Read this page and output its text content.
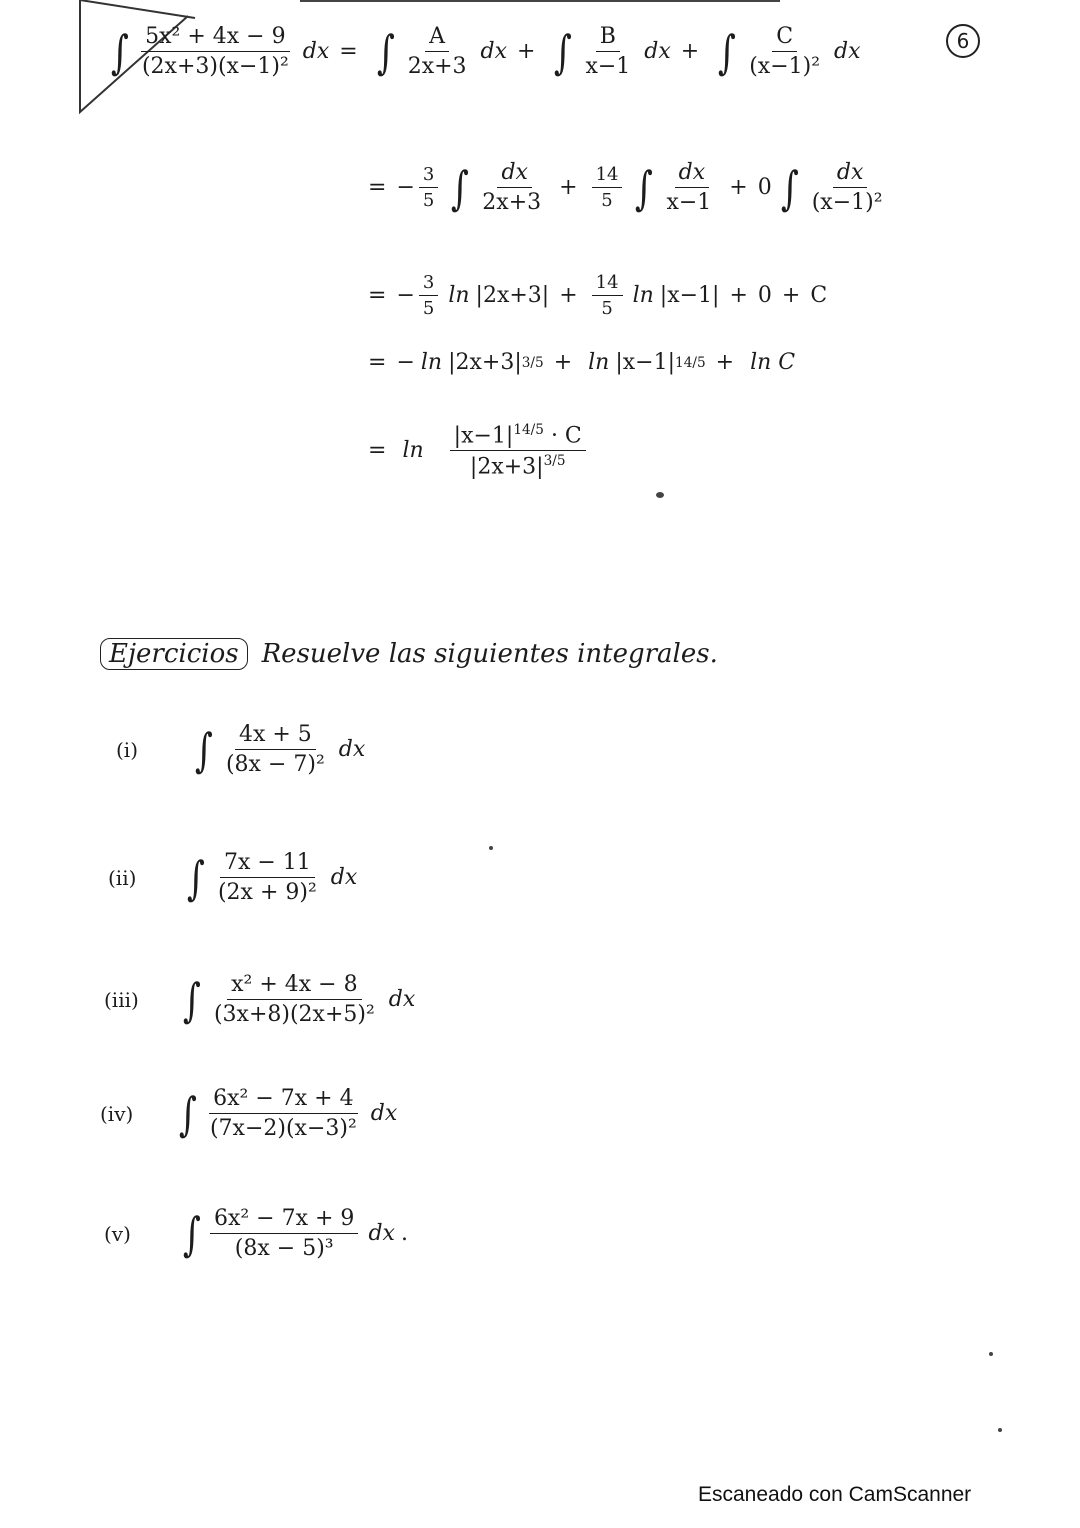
6
∫ $\frac{\text{5x² + 4x − 9}}{\text{(2x+3)(x−1)²}}$ dx = ∫ $\frac{A}{2x+3}$ dx + ∫ $\frac{B}{x-1}$ dx + ∫ $\frac{C}{\text{(x−1)²}}$ dx
= − $\frac{3}{5}$ ∫ $\frac{dx}{2x+3} + \frac{14}{5}$ ∫ $\frac{dx}{x-1} + 0$ ∫ $\frac{dx}{\text{(x−1)²}}$
= − $\frac{3}{5}$ $\ln |2x+3| + \frac{14}{5}$ ln |x−1| + 0 + C
= − ln |2x+3| 3/5 + ln |x−1| 14/5 + ln C
= $\ln \frac{|x-1|^{14/5} \cdot C}{|2x+3|^{3/5}}$
Ejercicios Resuelve las siguientes integrales.
(i)	∫ $\frac{4x + 5}{\text{(8x − 7)²}}$ dx
(ii)	∫ $\frac{7x - 11}{\text{(2x + 9)²}}$ dx
(iii) ∫ $\frac{\text{x² + 4x − 8}}{\text{(3x+8)(2x+5)²}}$ dx
(iv) ∫ $\frac{\text{6x² − 7x + 4}}{\text{(7x−2)(x−3)²}}$ dx
(v)	∫ $\frac{\text{6x² − 7x + 9}}{\text{(8x − 5)³}}$ dx .
Escaneado con CamScanner
